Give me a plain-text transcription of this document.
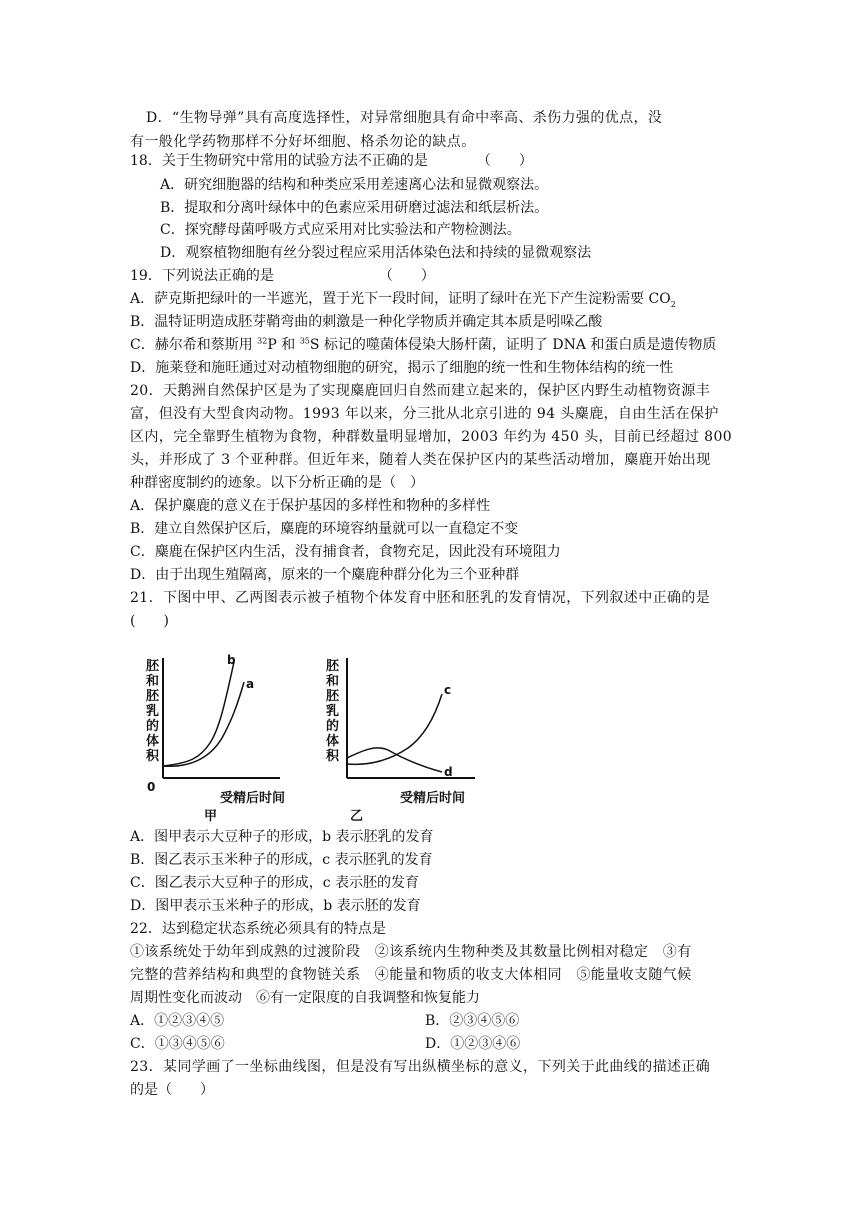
D．“生物导弹”具有高度选择性，对异常细胞具有命中率高、杀伤力强的优点，没
有一般化学药物那样不分好坏细胞、格杀勿论的缺点。
18．关于生物研究中常用的试验方法不正确的是　　　　（　　）
A．研究细胞器的结构和种类应采用差速离心法和显微观察法。
B．提取和分离叶绿体中的色素应采用研磨过滤法和纸层析法。
C．探究酵母菌呼吸方式应采用对比实验法和产物检测法。
D．观察植物细胞有丝分裂过程应采用活体染色法和持续的显微观察法
19．下列说法正确的是　　　　　　　　（　　）
A．萨克斯把绿叶的一半遮光，置于光下一段时间，证明了绿叶在光下产生淀粉需要 $CO_2$
B．温特证明造成胚芽鞘弯曲的刺激是一种化学物质并确定其本质是吲哚乙酸
C．赫尔希和蔡斯用 $^{32}$P 和 $^{35}$S 标记的噬菌体侵染大肠杆菌，证明了 DNA 和蛋白质是遗传物质
D．施莱登和施旺通过对动植物细胞的研究，揭示了细胞的统一性和生物体结构的统一性
20．天鹅洲自然保护区是为了实现麋鹿回归自然而建立起来的，保护区内野生动植物资源丰
富，但没有大型食肉动物。1993 年以来，分三批从北京引进的 94 头麋鹿，自由生活在保护
区内，完全靠野生植物为食物，种群数量明显增加，2003 年约为 450 头，目前已经超过 800
头，并形成了 3 个亚种群。但近年来，随着人类在保护区内的某些活动增加，麋鹿开始出现
种群密度制约的迹象。以下分析正确的是（　）
A．保护麋鹿的意义在于保护基因的多样性和物种的多样性
B．建立自然保护区后，麋鹿的环境容纳量就可以一直稳定不变
C．麋鹿在保护区内生活，没有捕食者，食物充足，因此没有环境阻力
D．由于出现生殖隔离，原来的一个麋鹿种群分化为三个亚种群
21．下图中甲、乙两图表示被子植物个体发育中胚和胚乳的发育情况，下列叙述中正确的是
(　　)
胚
和
胚
乳
的
体
积
0
受精后时间
甲
b
a
胚
和
胚
乳
的
体
积
受精后时间
乙
c
d
A．图甲表示大豆种子的形成，b 表示胚乳的发育
B．图乙表示玉米种子的形成，c 表示胚乳的发育
C．图乙表示大豆种子的形成，c 表示胚的发育
D．图甲表示玉米种子的形成，b 表示胚的发育
22．达到稳定状态系统必须具有的特点是
①该系统处于幼年到成熟的过渡阶段　②该系统内生物种类及其数量比例相对稳定　③有
完整的营养结构和典型的食物链关系　④能量和物质的收支大体相同　⑤能量收支随气候
周期性变化而波动　⑥有一定限度的自我调整和恢复能力
A．①②③④⑤	B．②③④⑤⑥
C．①③④⑤⑥	D．①②③④⑥
23．某同学画了一坐标曲线图，但是没有写出纵横坐标的意义，下列关于此曲线的描述正确
的是（　　）
